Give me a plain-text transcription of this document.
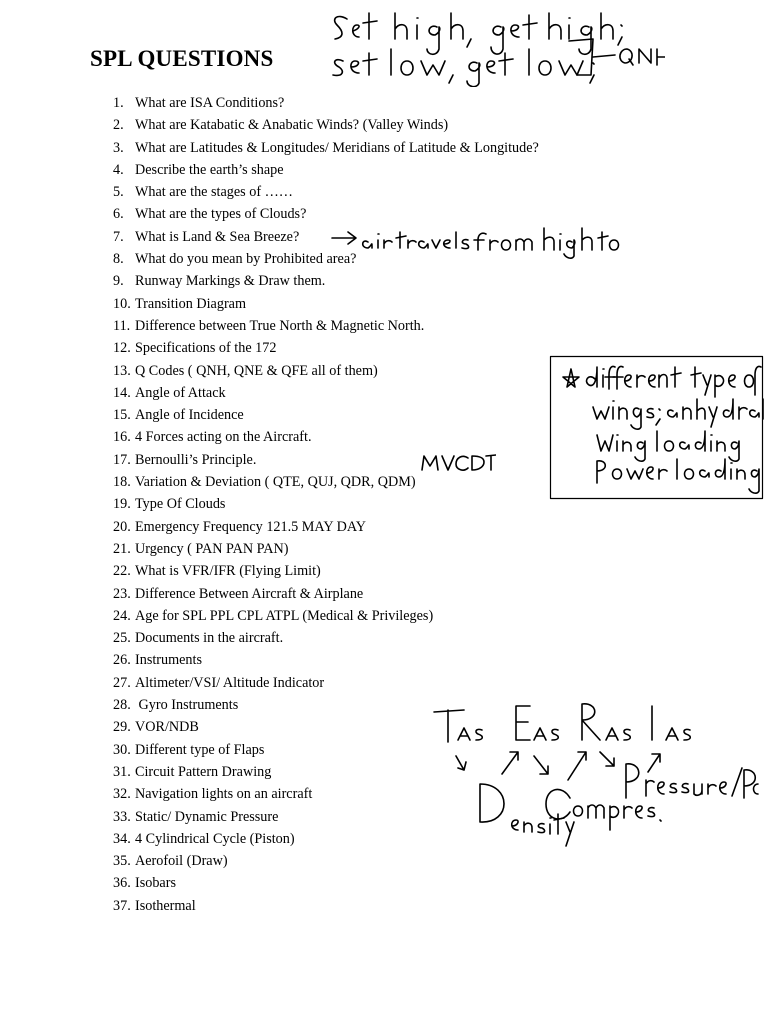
SPL QUESTIONS
1. What are ISA Conditions?
2. What are Katabatic & Anabatic Winds? (Valley Winds)
3. What are Latitudes & Longitudes/ Meridians of Latitude & Longitude?
4. Describe the earth’s shape
5. What are the stages of ……
6. What are the types of Clouds?
7. What is Land & Sea Breeze?
8. What do you mean by Prohibited area?
9. Runway Markings & Draw them.
10. Transition Diagram
11. Difference between True North & Magnetic North.
12. Specifications of the 172
13. Q Codes ( QNH, QNE & QFE all of them)
14. Angle of Attack
15. Angle of Incidence
16. 4 Forces acting on the Aircraft.
17. Bernoulli’s Principle.
18. Variation & Deviation ( QTE, QUJ, QDR, QDM)
19. Type Of Clouds
20. Emergency Frequency 121.5 MAY DAY
21. Urgency ( PAN PAN PAN)
22. What is VFR/IFR (Flying Limit)
23. Difference Between Aircraft & Airplane
24. Age for SPL PPL CPL ATPL (Medical & Privileges)
25. Documents in the aircraft.
26. Instruments
27. Altimeter/VSI/ Altitude Indicator
28. Gyro Instruments
29. VOR/NDB
30. Different type of Flaps
31. Circuit Pattern Drawing
32. Navigation lights on an aircraft
33. Static/ Dynamic Pressure
34. 4 Cylindrical Cycle (Piston)
35. Aerofoil (Draw)
36. Isobars
37. Isothermal
